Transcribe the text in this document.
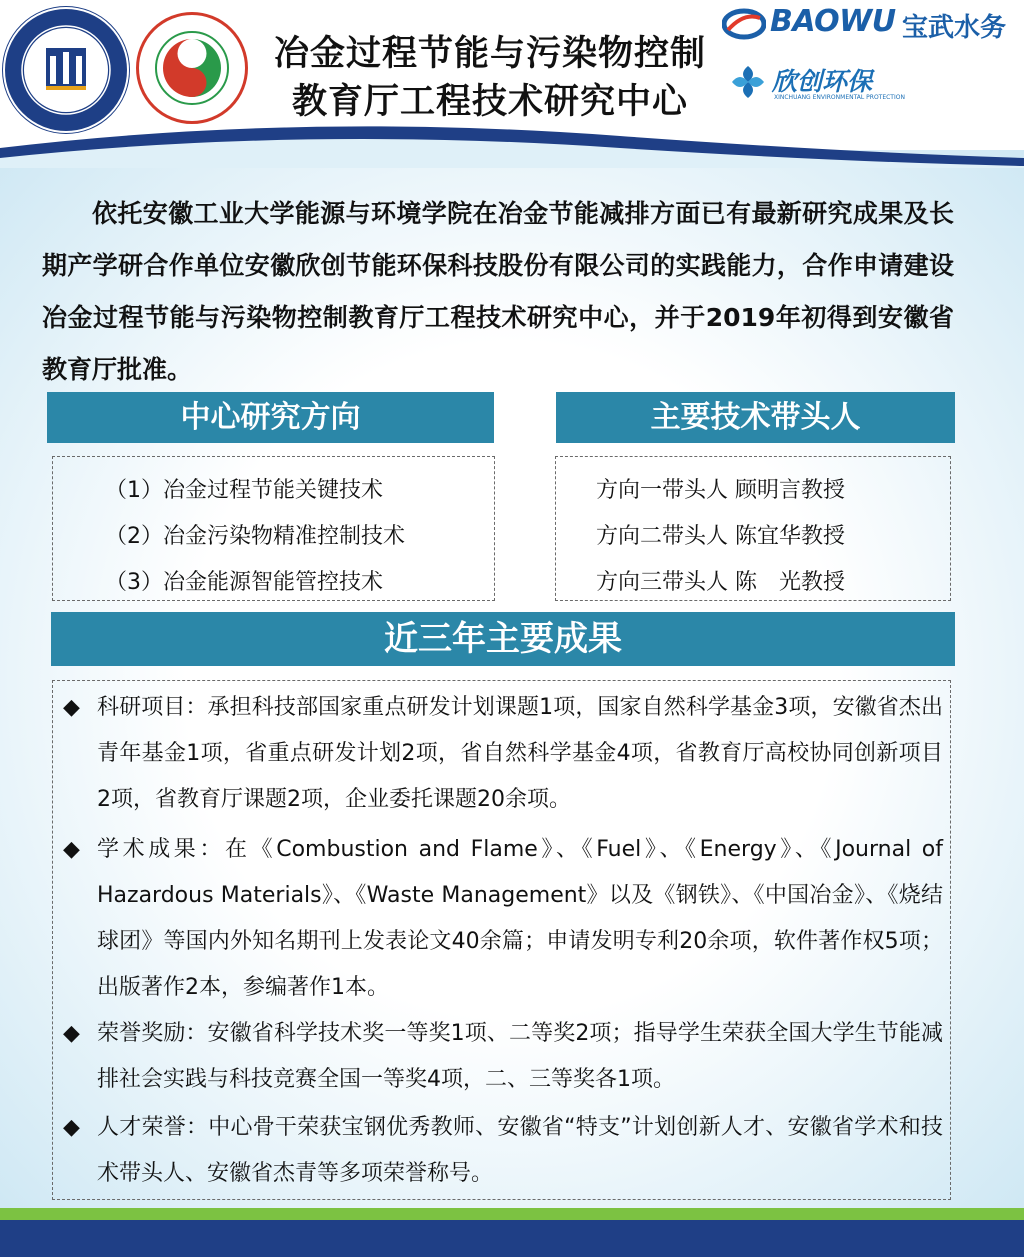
冶金过程节能与污染物控制
教育厅工程技术研究中心
BAOWU 宝武水务
欣创环保
XINCHUANG ENVIRONMENTAL PROTECTION
依托安徽工业大学能源与环境学院在冶金节能减排方面已有最新研究成果及长期产学研合作单位安徽欣创节能环保科技股份有限公司的实践能力，合作申请建设冶金过程节能与污染物控制教育厅工程技术研究中心，并于2019年初得到安徽省教育厅批准。
中心研究方向	主要技术带头人
（1）冶金过程节能关键技术
（2）冶金污染物精准控制技术
（3）冶金能源智能管控技术
方向一带头人 顾明言教授
方向二带头人 陈宜华教授
方向三带头人 陈　光教授
近三年主要成果
◆ 科研项目：承担科技部国家重点研发计划课题1项，国家自然科学基金3项，安徽省杰出青年基金1项，省重点研发计划2项，省自然科学基金4项，省教育厅高校协同创新项目2项，省教育厅课题2项，企业委托课题20余项。
◆ 学术成果：在《Combustion and Flame》、《Fuel》、《Energy》、《Journal of Hazardous Materials》、《Waste Management》以及《钢铁》、《中国冶金》、《烧结球团》等国内外知名期刊上发表论文40余篇；申请发明专利20余项，软件著作权5项；出版著作2本，参编著作1本。
◆ 荣誉奖励：安徽省科学技术奖一等奖1项、二等奖2项；指导学生荣获全国大学生节能减排社会实践与科技竞赛全国一等奖4项，二、三等奖各1项。
◆ 人才荣誉：中心骨干荣获宝钢优秀教师、安徽省“特支”计划创新人才、安徽省学术和技术带头人、安徽省杰青等多项荣誉称号。
